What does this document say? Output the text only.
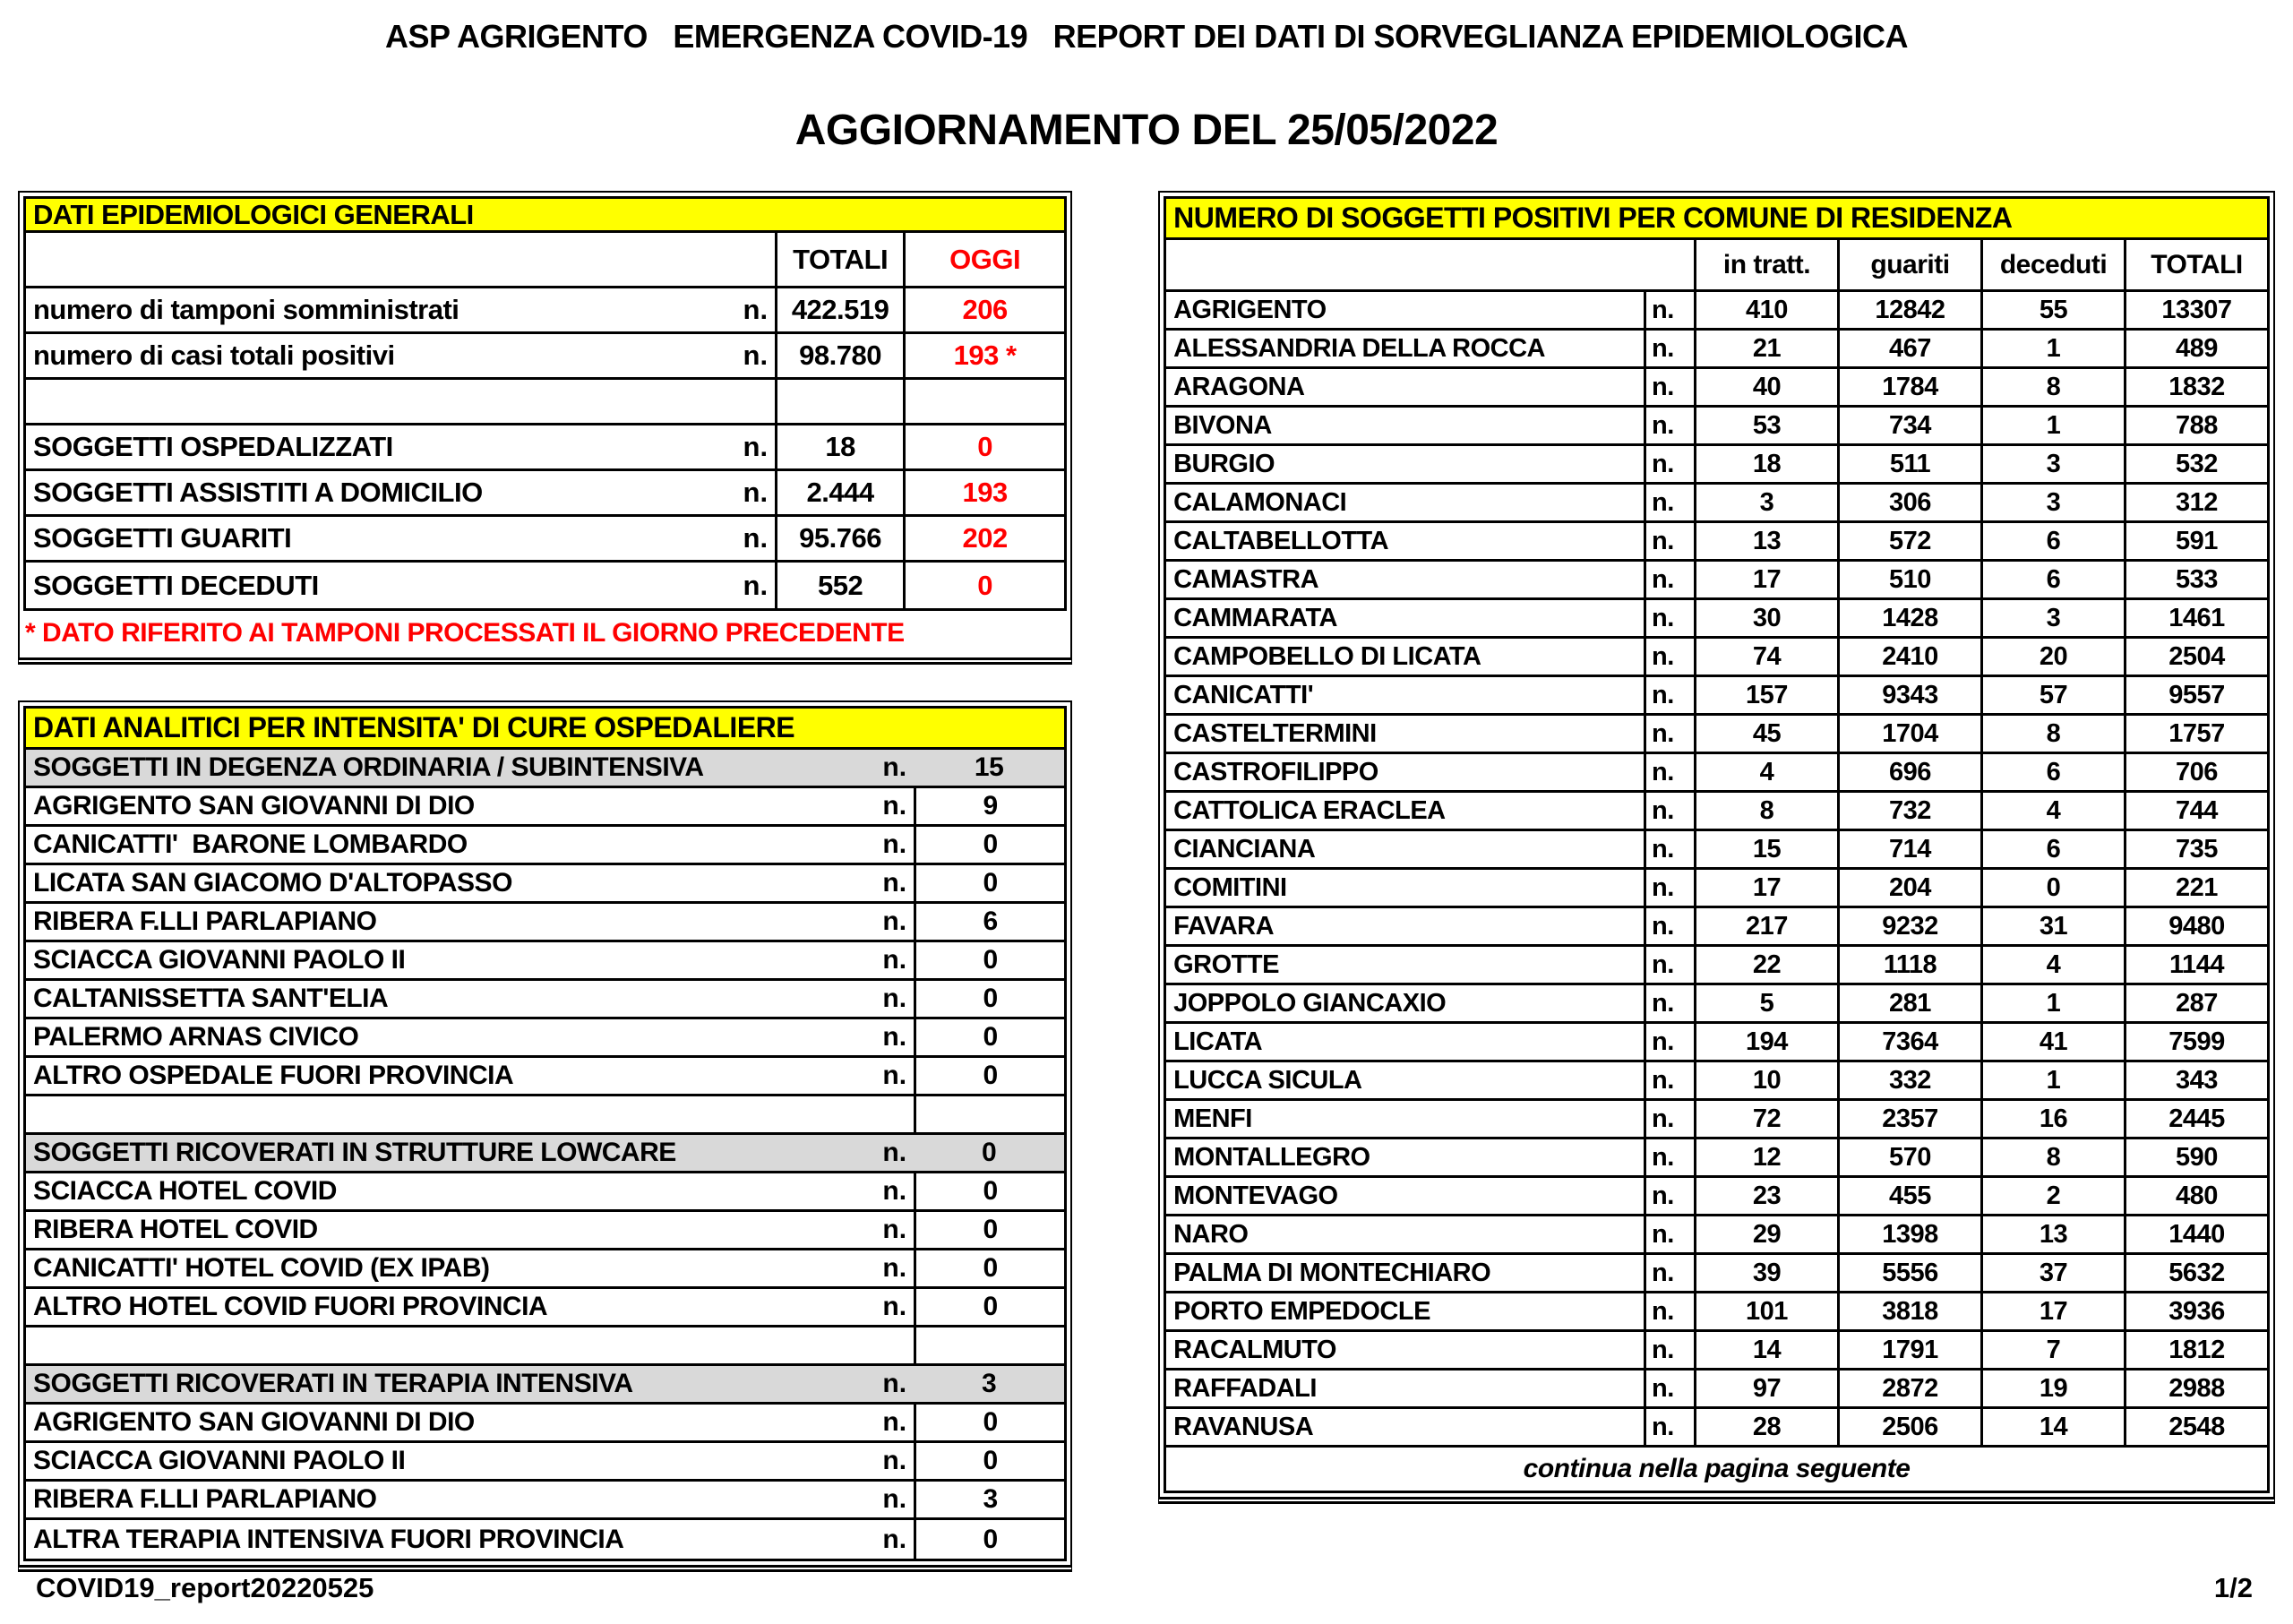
ASP AGRIGENTO   EMERGENZA COVID-19   REPORT DEI DATI DI SORVEGLIANZA EPIDEMIOLOGICA
AGGIORNAMENTO DEL 25/05/2022
DATI EPIDEMIOLOGICI GENERALI
TOTALI	OGGI
numero di tamponi somministrati	n. 422.519	206
numero di casi totali positivi	n.	98.780	193 *
SOGGETTI OSPEDALIZZATI	n.	18	0
SOGGETTI ASSISTITI A DOMICILIO	n.	2.444	193
SOGGETTI GUARITI	n.	95.766	202
SOGGETTI DECEDUTI	n.	552	0
* DATO RIFERITO AI TAMPONI PROCESSATI IL GIORNO PRECEDENTE
DATI ANALITICI PER INTENSITA' DI CURE OSPEDALIERE
SOGGETTI IN DEGENZA ORDINARIA / SUBINTENSIVA	n.	15
AGRIGENTO SAN GIOVANNI DI DIO	n.	9
CANICATTI'  BARONE LOMBARDO	n.	0
LICATA SAN GIACOMO D'ALTOPASSO	n.	0
RIBERA F.LLI PARLAPIANO	n.	6
SCIACCA GIOVANNI PAOLO II	n.	0
CALTANISSETTA SANT'ELIA	n.	0
PALERMO ARNAS CIVICO	n.	0
ALTRO OSPEDALE FUORI PROVINCIA	n.	0
SOGGETTI RICOVERATI IN STRUTTURE LOWCARE	n.	0
SCIACCA HOTEL COVID	n.	0
RIBERA HOTEL COVID	n.	0
CANICATTI' HOTEL COVID (EX IPAB)	n.	0
ALTRO HOTEL COVID FUORI PROVINCIA	n.	0
SOGGETTI RICOVERATI IN TERAPIA INTENSIVA	n.	3
AGRIGENTO SAN GIOVANNI DI DIO	n.	0
SCIACCA GIOVANNI PAOLO II	n.	0
RIBERA F.LLI PARLAPIANO	n.	3
ALTRA TERAPIA INTENSIVA FUORI PROVINCIA	n.	0
NUMERO DI SOGGETTI POSITIVI PER COMUNE DI RESIDENZA
in tratt.	guariti	deceduti	TOTALI
AGRIGENTO	n.	410	12842	55	13307
ALESSANDRIA DELLA ROCCA	n.	21	467	1	489
ARAGONA	n.	40	1784	8	1832
BIVONA	n.	53	734	1	788
BURGIO	n.	18	511	3	532
CALAMONACI	n.	3	306	3	312
CALTABELLOTTA	n.	13	572	6	591
CAMASTRA	n.	17	510	6	533
CAMMARATA	n.	30	1428	3	1461
CAMPOBELLO DI LICATA	n.	74	2410	20	2504
CANICATTI'	n.	157	9343	57	9557
CASTELTERMINI	n.	45	1704	8	1757
CASTROFILIPPO	n.	4	696	6	706
CATTOLICA ERACLEA	n.	8	732	4	744
CIANCIANA	n.	15	714	6	735
COMITINI	n.	17	204	0	221
FAVARA	n.	217	9232	31	9480
GROTTE	n.	22	1118	4	1144
JOPPOLO GIANCAXIO	n.	5	281	1	287
LICATA	n.	194	7364	41	7599
LUCCA SICULA	n.	10	332	1	343
MENFI	n.	72	2357	16	2445
MONTALLEGRO	n.	12	570	8	590
MONTEVAGO	n.	23	455	2	480
NARO	n.	29	1398	13	1440
PALMA DI MONTECHIARO	n.	39	5556	37	5632
PORTO EMPEDOCLE	n.	101	3818	17	3936
RACALMUTO	n.	14	1791	7	1812
RAFFADALI	n.	97	2872	19	2988
RAVANUSA	n.	28	2506	14	2548
continua nella pagina seguente
COVID19_report20220525	1/2
